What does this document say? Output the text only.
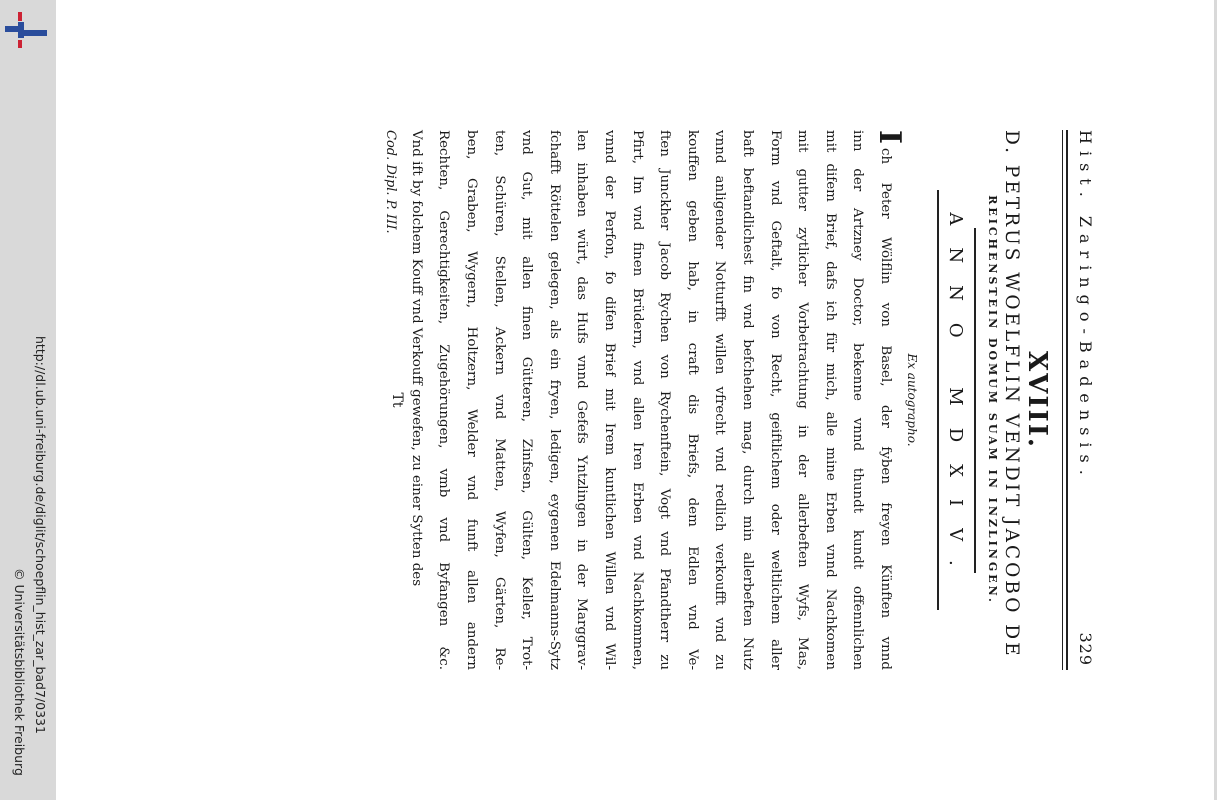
http://dl.ub.uni-freiburg.de/diglit/schoepflin_hist_zar_bad7/0331
© Universitätsbibliothek Freiburg
Hist. Zaringo-Badensis.
329
XVIII.
D. PETRUS WOELFLIN VENDIT JACOBO DE
REICHENSTEIN DOMUM SUAM IN INZLINGEN.
ANNO MDXIV.
Ex autographo.
I
ch Peter Wölflin von Basel, der fyben freyen Künften vnnd
inn der Artzney Doctor, bekenne vnnd thundt kundt offennlichen
mit difem Brief, dafs ich für mich, alle mine Erben vnnd Nachkomen
mit gutter zytlicher Vorbetrachtung in der allerbeften Wyfs, Mas,
Form vnd Geftalt, fo von Recht, geiftlichem oder weltlichem aller
baft beftandlichest fin vnd befchehen mag, durch min allerbeften Nutz
vnnd anligender Notturfft willen vfrecht vnd redlich verkoufft vnd zu
kouffen geben hab, in craft dis Briefs, dem Edlen vnd Ve-
ften Junckher Jacob Rychen von Rychenftein, Vogt vnd Pfandtherr zu
Pfirt, Im vnd finen Brüdern, vnd allen Iren Erben vnd Nachkommen,
vnnd der Perfon, fo difen Brief mit Irem kuntlichen Willen vnd Wil-
len inhaben würt, das Hufs vnnd Gefefs Yntzlingen in der Marggrav-
fchafft Röttelen gelegen, als ein fryen, ledigen, eygenen Edelmanns-Sytz
vnd Gut, mit allen finen Gütteren, Zinfsen, Gülten, Keller, Trot-
ten, Schüren, Stellen, Ackern vnd Matten, Wyfen, Gärten, Re-
ben, Graben, Wygern, Holtzern, Welder vnd funft allen andern
Rechten, Gerechtigkeiten, Zugehörungen, vmb vnd Byfangen &c.
Vnd ift by folchem Kouff vnd Verkouff gewefen, zu einer Sytten des
Cod. Dipl. P. III.
Tt
